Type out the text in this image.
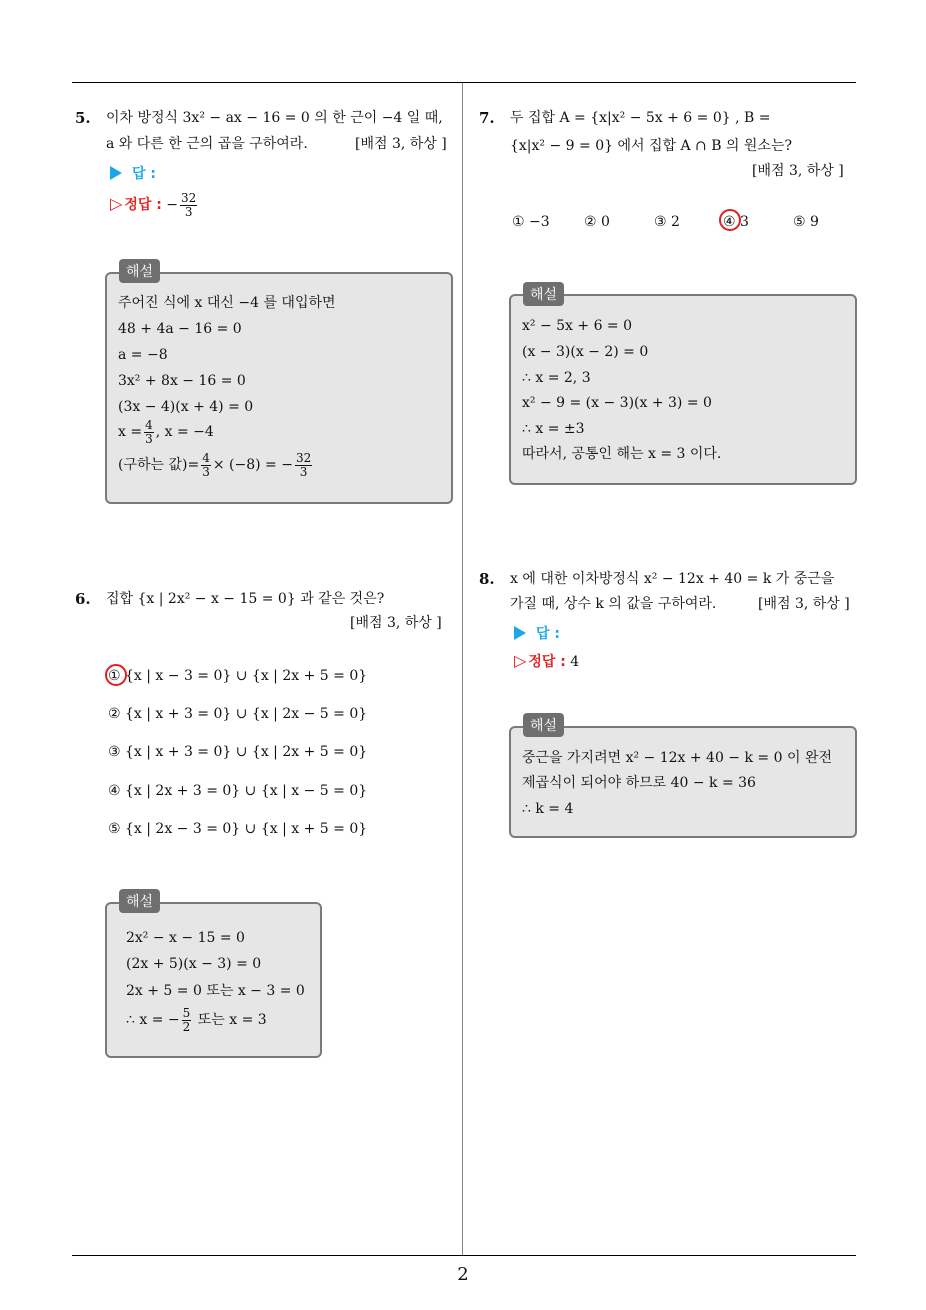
2
5. 이차 방정식 3x² − ax − 16 = 0 의 한 근이 −4 일 때,
a 와 다른 한 근의 곱을 구하여라.	[배점 3, 하상 ]
답 :
▷ 정답 : − $\frac{32}{3}$
해설
주어진 식에 x 대신 −4 를 대입하면
48 + 4a − 16 = 0
a = −8
3x² + 8x − 16 = 0
(3x − 4)(x + 4) = 0
$x = \frac{4}{3}$ , x = −4
(구하는 값)= $\frac{4}{3} \times (-8)$ = − $\frac{32}{3}$
6. 집합 {x | 2x² − x − 15 = 0} 과 같은 것은?
[배점 3, 하상 ]
① {x | x − 3 = 0} ∪ {x | 2x + 5 = 0}
② {x | x + 3 = 0} ∪ {x | 2x − 5 = 0}
③ {x | x + 3 = 0} ∪ {x | 2x + 5 = 0}
④ {x | 2x + 3 = 0} ∪ {x | x − 5 = 0}
⑤ {x | 2x − 3 = 0} ∪ {x | x + 5 = 0}
해설
2x² − x − 15 = 0
(2x + 5)(x − 3) = 0
2x + 5 = 0 또는 x − 3 = 0
∴ x = − $\frac{5}{2}$ 또는 x = 3
7. 두 집합 A = {x|x² − 5x + 6 = 0} , B =
{x|x² − 9 = 0} 에서 집합 A ∩ B 의 원소는?
[배점 3, 하상 ]
① −3 ② 0	③ 2	④ 3	⑤ 9
해설
x² − 5x + 6 = 0
(x − 3)(x − 2) = 0
∴ x = 2, 3
x² − 9 = (x − 3)(x + 3) = 0
∴ x = ±3
따라서, 공통인 해는 x = 3 이다.
8. x 에 대한 이차방정식 x² − 12x + 40 = k 가 중근을
가질 때, 상수 k 의 값을 구하여라.	[배점 3, 하상 ]
답 :
▷ 정답 : 4
해설
중근을 가지려면 x² − 12x + 40 − k = 0 이 완전
제곱식이 되어야 하므로 40 − k = 36
∴ k = 4
